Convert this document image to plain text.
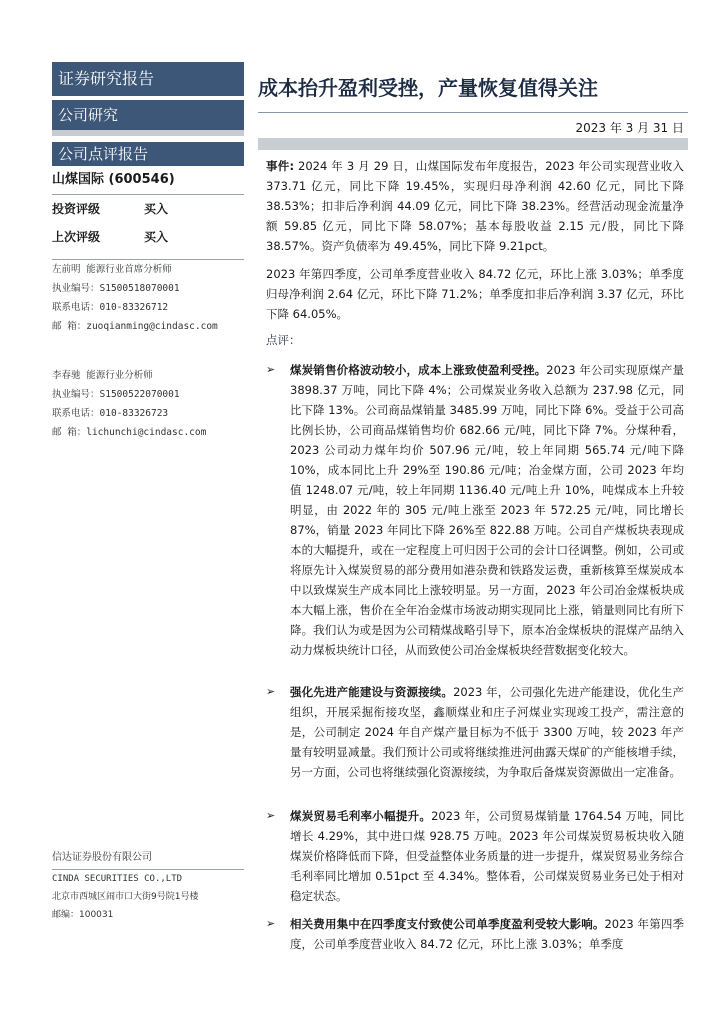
证券研究报告
公司研究
公司点评报告
山煤国际 (600546)
投资评级	买入
上次评级	买入
左前明 能源行业首席分析师
执业编号：S1500518070001
联系电话：010-83326712
邮 箱：zuoqianming@cindasc.com
李春驰 能源行业分析师
执业编号：S1500522070001
联系电话：010-83326723
邮 箱：lichunchi@cindasc.com
信达证券股份有限公司
CINDA SECURITIES CO.,LTD
北京市西城区闹市口大街9号院1号楼
邮编：100031
成本抬升盈利受挫，产量恢复值得关注
2023 年 3 月 31 日
事件: 2024 年 3 月 29 日，山煤国际发布年度报告，2023 年公司实现营业收入 373.71 亿元，同比下降 19.45%，实现归母净利润 42.60 亿元，同比下降 38.53%；扣非后净利润 44.09 亿元，同比下降 38.23%。经营活动现金流量净额 59.85 亿元，同比下降 58.07%；基本每股收益 2.15 元/股，同比下降 38.57%。资产负债率为 49.45%，同比下降 9.21pct。
2023 年第四季度，公司单季度营业收入 84.72 亿元，环比上涨 3.03%；单季度归母净利润 2.64 亿元，环比下降 71.2%；单季度扣非后净利润 3.37 亿元，环比下降 64.05%。
点评：
➢ 煤炭销售价格波动较小，成本上涨致使盈利受挫。2023 年公司实现原煤产量 3898.37 万吨，同比下降 4%；公司煤炭业务收入总额为 237.98 亿元，同比下降 13%。公司商品煤销量 3485.99 万吨，同比下降 6%。受益于公司高比例长协，公司商品煤销售均价 682.66 元/吨，同比下降 7%。分煤种看，2023 公司动力煤年均价 507.96 元/吨，较上年同期 565.74 元/吨下降 10%，成本同比上升 29%至 190.86 元/吨；冶金煤方面，公司 2023 年均值 1248.07 元/吨，较上年同期 1136.40 元/吨上升 10%，吨煤成本上升较明显，由 2022 年的 305 元/吨上涨至 2023 年 572.25 元/吨，同比增长 87%，销量 2023 年同比下降 26%至 822.88 万吨。公司自产煤板块表现成本的大幅提升，或在一定程度上可归因于公司的会计口径调整。例如，公司或将原先计入煤炭贸易的部分费用如港杂费和铁路发运费，重新核算至煤炭成本中以致煤炭生产成本同比上涨较明显。另一方面，2023 年公司冶金煤板块成本大幅上涨，售价在全年冶金煤市场波动期实现同比上涨，销量则同比有所下降。我们认为或是因为公司精煤战略引导下，原本冶金煤板块的混煤产品纳入动力煤板块统计口径，从而致使公司冶金煤板块经营数据变化较大。
➢ 强化先进产能建设与资源接续。2023 年，公司强化先进产能建设，优化生产组织，开展采掘衔接攻坚，鑫顺煤业和庄子河煤业实现竣工投产，需注意的是，公司制定 2024 年自产煤产量目标为不低于 3300 万吨，较 2023 年产量有较明显减量。我们预计公司或将继续推进河曲露天煤矿的产能核增手续，另一方面，公司也将继续强化资源接续，为争取后备煤炭资源做出一定准备。
➢ 煤炭贸易毛利率小幅提升。2023 年，公司贸易煤销量 1764.54 万吨，同比增长 4.29%，其中进口煤 928.75 万吨。2023 年公司煤炭贸易板块收入随煤炭价格降低而下降，但受益整体业务质量的进一步提升，煤炭贸易业务综合毛利率同比增加 0.51pct 至 4.34%。整体看，公司煤炭贸易业务已处于相对稳定状态。
➢ 相关费用集中在四季度支付致使公司单季度盈利受较大影响。2023 年第四季度，公司单季度营业收入 84.72 亿元，环比上涨 3.03%；单季度
